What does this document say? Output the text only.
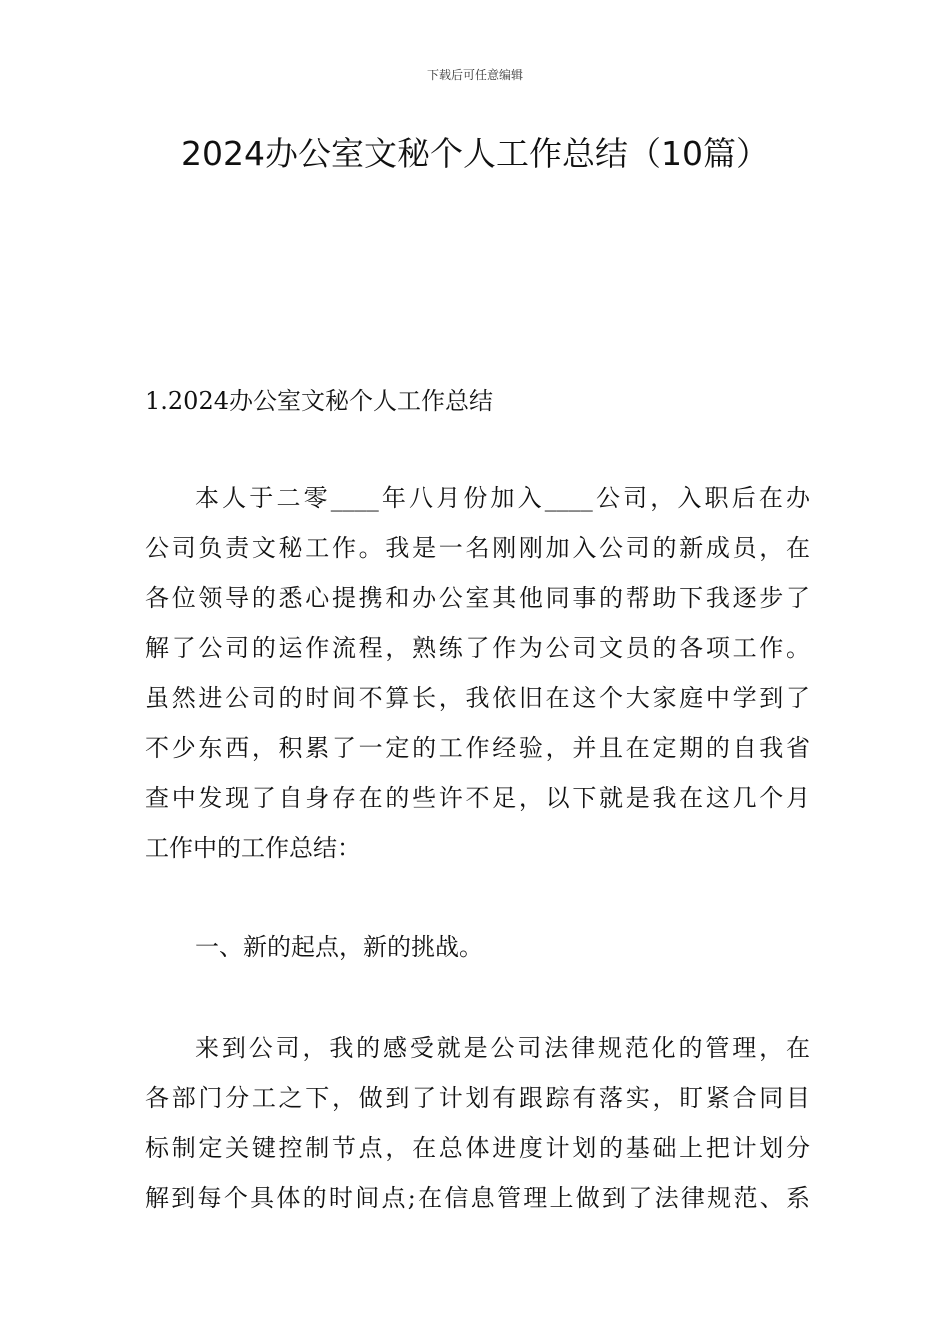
下载后可任意编辑
2024办公室文秘个人工作总结（10篇）
1.2024办公室文秘个人工作总结
本人于二零____年八月份加入____公司，入职后在办
公司负责文秘工作。我是一名刚刚加入公司的新成员，在
各位领导的悉心提携和办公室其他同事的帮助下我逐步了
解了公司的运作流程，熟练了作为公司文员的各项工作。
虽然进公司的时间不算长，我依旧在这个大家庭中学到了
不少东西，积累了一定的工作经验，并且在定期的自我省
查中发现了自身存在的些许不足，以下就是我在这几个月
工作中的工作总结：
一、新的起点，新的挑战。
来到公司，我的感受就是公司法律规范化的管理，在
各部门分工之下，做到了计划有跟踪有落实，盯紧合同目
标制定关键控制节点，在总体进度计划的基础上把计划分
解到每个具体的时间点;在信息管理上做到了法律规范、系
